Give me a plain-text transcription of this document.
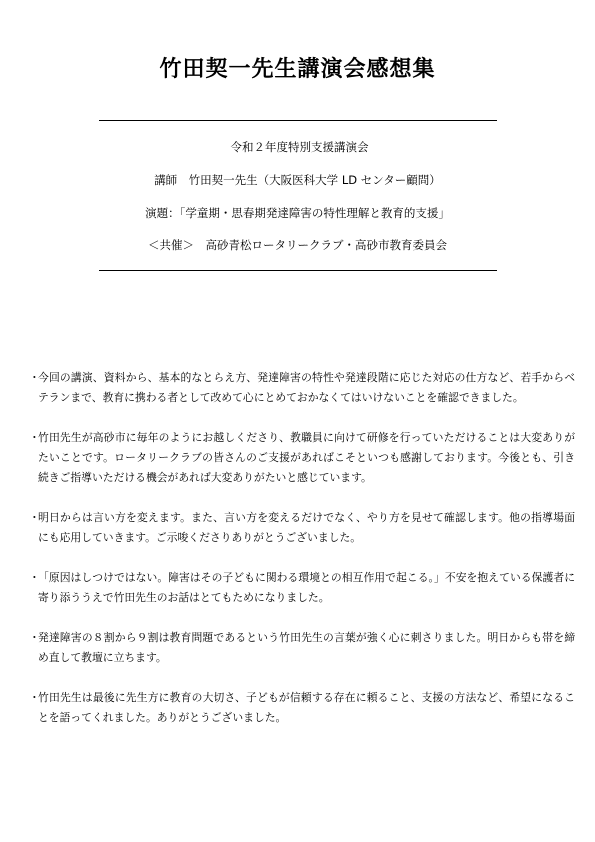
竹田契一先生講演会感想集
令和２年度特別支援講演会
講師　竹田契一先生（大阪医科大学 LD センター顧問）
演題：「学童期・思春期発達障害の特性理解と教育的支援」
＜共催＞　高砂青松ロータリークラブ・高砂市教育委員会
・
今回の講演、資料から、基本的なとらえ方、発達障害の特性や発達段階に応じた対応の仕方など、若手からベテランまで、教育に携わる者として改めて心にとめておかなくてはいけないことを確認できました。
・
竹田先生が高砂市に毎年のようにお越しくださり、教職員に向けて研修を行っていただけることは大変ありがたいことです。ロータリークラブの皆さんのご支援があればこそといつも感謝しております。今後とも、引き続きご指導いただける機会があれば大変ありがたいと感じています。
・
明日からは言い方を変えます。また、言い方を変えるだけでなく、やり方を見せて確認します。他の指導場面にも応用していきます。ご示唆くださりありがとうございました。
・
「原因はしつけではない。障害はその子どもに関わる環境との相互作用で起こる。」不安を抱えている保護者に寄り添ううえで竹田先生のお話はとてもためになりました。
・
発達障害の８割から９割は教育問題であるという竹田先生の言葉が強く心に刺さりました。明日からも帯を締め直して教壇に立ちます。
・
竹田先生は最後に先生方に教育の大切さ、子どもが信頼する存在に頼ること、支援の方法など、希望になることを語ってくれました。ありがとうございました。
